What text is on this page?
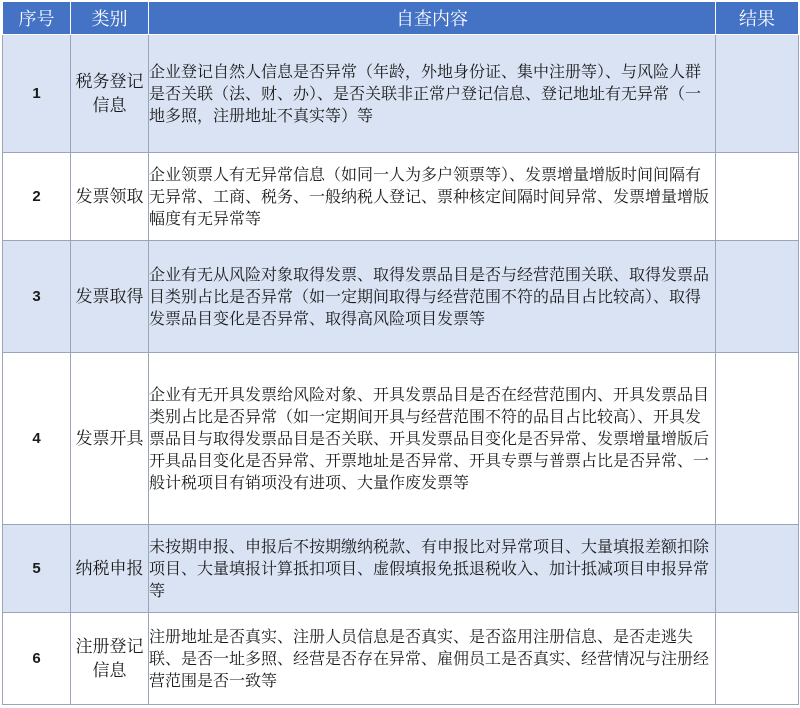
序号	类别	自查内容	结果
1	税务登记信息	企业登记自然人信息是否异常（年龄，外地身份证、集中注册等）、与风险人群是否关联（法、财、办）、是否关联非正常户登记信息、登记地址有无异常（一地多照，注册地址不真实等）等	
2	发票领取	企业领票人有无异常信息（如同一人为多户领票等）、发票增量增版时间间隔有无异常、工商、税务、一般纳税人登记、票种核定间隔时间异常、发票增量增版幅度有无异常等	
3	发票取得	企业有无从风险对象取得发票、取得发票品目是否与经营范围关联、取得发票品目类别占比是否异常（如一定期间取得与经营范围不符的品目占比较高）、取得发票品目变化是否异常、取得高风险项目发票等	
4	发票开具	企业有无开具发票给风险对象、开具发票品目是否在经营范围内、开具发票品目类别占比是否异常（如一定期间开具与经营范围不符的品目占比较高）、开具发票品目与取得发票品目是否关联、开具发票品目变化是否异常、发票增量增版后开具品目变化是否异常、开票地址是否异常、开具专票与普票占比是否异常、一般计税项目有销项没有进项、大量作废发票等	
5	纳税申报	未按期申报、申报后不按期缴纳税款、有申报比对异常项目、大量填报差额扣除项目、大量填报计算抵扣项目、虚假填报免抵退税收入、加计抵减项目申报异常等	
6	注册登记信息	注册地址是否真实、注册人员信息是否真实、是否盗用注册信息、是否走逃失联、是否一址多照、经营是否存在异常、雇佣员工是否真实、经营情况与注册经营范围是否一致等	
